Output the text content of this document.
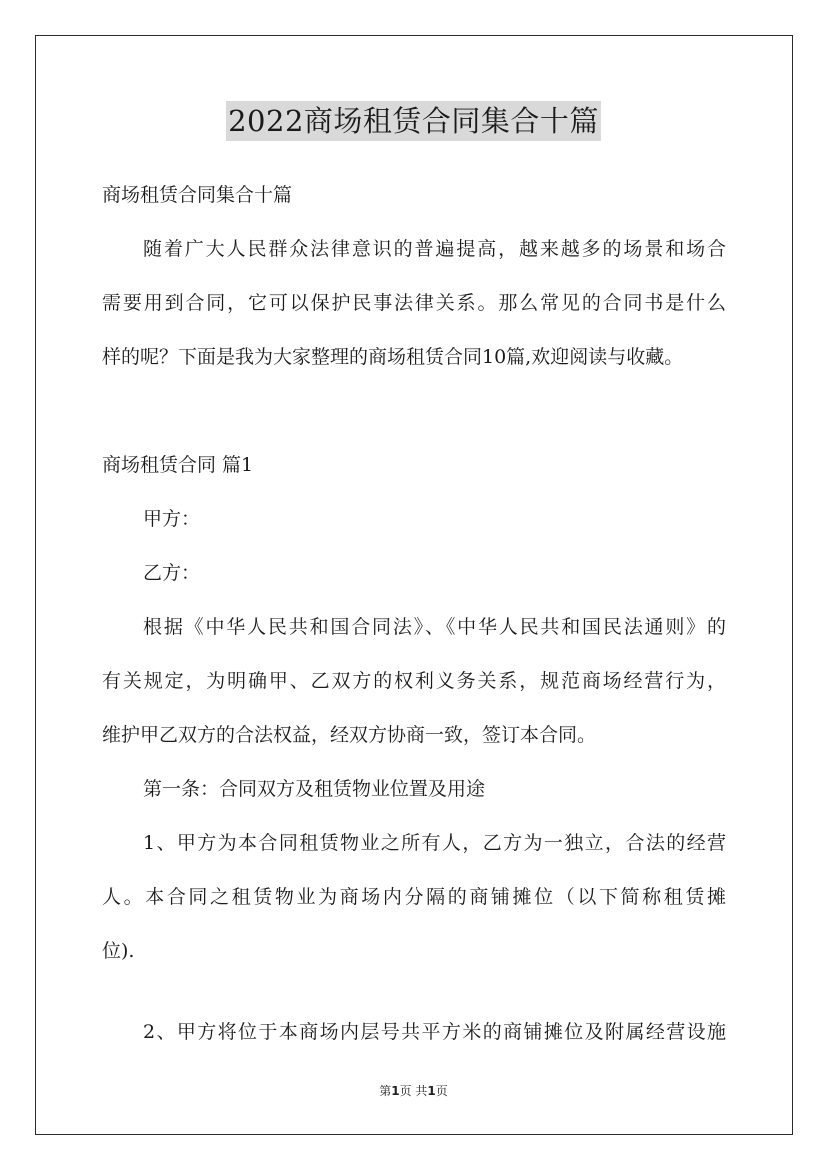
2022商场租赁合同集合十篇
商场租赁合同集合十篇
随着广大人民群众法律意识的普遍提高，越来越多的场景和场合
需要用到合同，它可以保护民事法律关系。那么常见的合同书是什么
样的呢？下面是我为大家整理的商场租赁合同10篇,欢迎阅读与收藏。
商场租赁合同 篇1
甲方：
乙方：
根据《中华人民共和国合同法》、《中华人民共和国民法通则》的
有关规定，为明确甲、乙双方的权利义务关系，规范商场经营行为，
维护甲乙双方的合法权益，经双方协商一致，签订本合同。
第一条：合同双方及租赁物业位置及用途
1、甲方为本合同租赁物业之所有人，乙方为一独立，合法的经营
人。本合同之租赁物业为商场内分隔的商铺摊位（以下简称租赁摊
位).
2、甲方将位于本商场内层号共平方米的商铺摊位及附属经营设施
第1页 共1页
